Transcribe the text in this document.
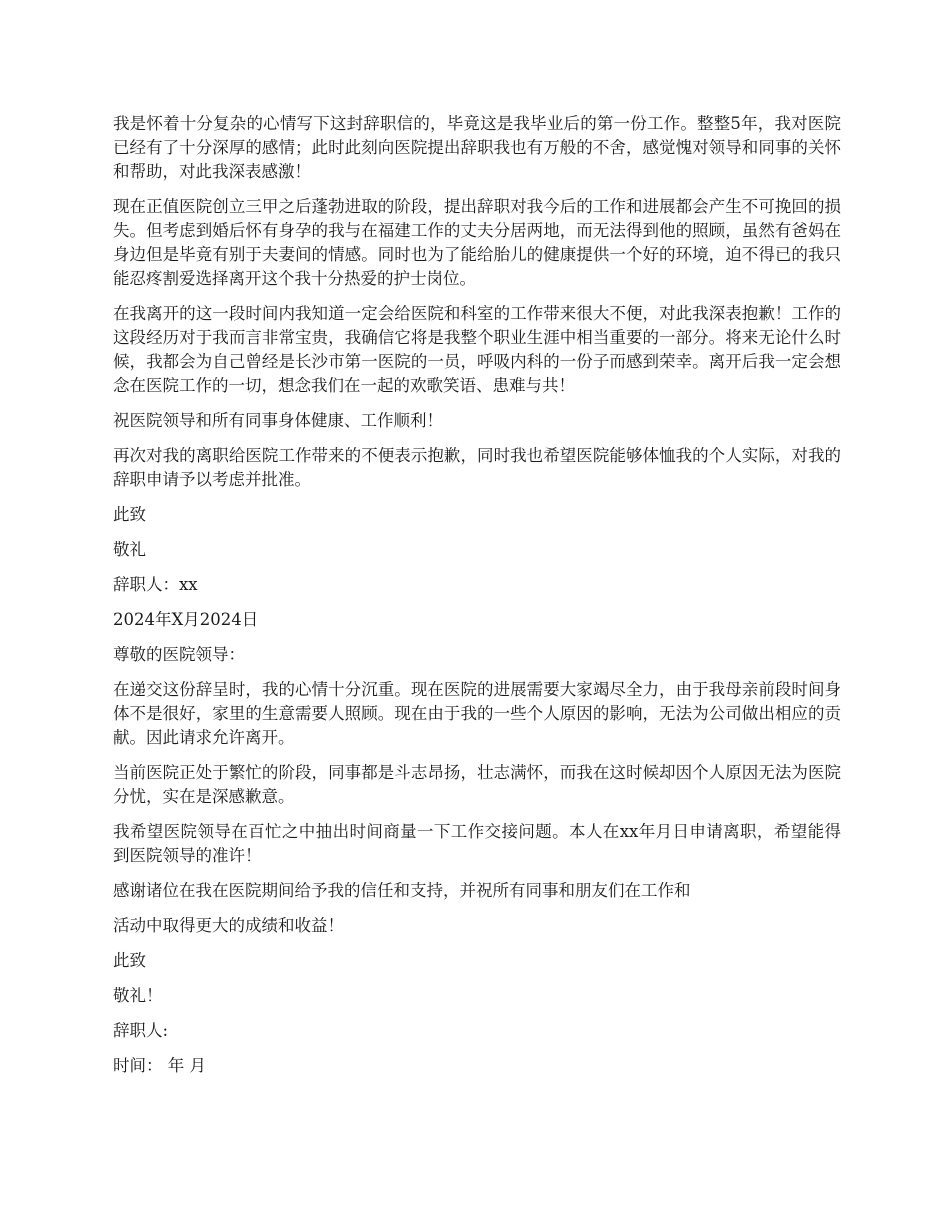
我是怀着十分复杂的心情写下这封辞职信的，毕竟这是我毕业后的第一份工作。整整5年，我对医院已经有了十分深厚的感情；此时此刻向医院提出辞职我也有万般的不舍，感觉愧对领导和同事的关怀和帮助，对此我深表感激！

现在正值医院创立三甲之后蓬勃进取的阶段，提出辞职对我今后的工作和进展都会产生不可挽回的损失。但考虑到婚后怀有身孕的我与在福建工作的丈夫分居两地，而无法得到他的照顾，虽然有爸妈在身边但是毕竟有别于夫妻间的情感。同时也为了能给胎儿的健康提供一个好的环境，迫不得已的我只能忍疼割爱选择离开这个我十分热爱的护士岗位。

在我离开的这一段时间内我知道一定会给医院和科室的工作带来很大不便，对此我深表抱歉！工作的这段经历对于我而言非常宝贵，我确信它将是我整个职业生涯中相当重要的一部分。将来无论什么时候，我都会为自己曾经是长沙市第一医院的一员，呼吸内科的一份子而感到荣幸。离开后我一定会想念在医院工作的一切，想念我们在一起的欢歌笑语、患难与共！

祝医院领导和所有同事身体健康、工作顺利！

再次对我的离职给医院工作带来的不便表示抱歉，同时我也希望医院能够体恤我的个人实际，对我的辞职申请予以考虑并批准。

此致

敬礼

辞职人：xx

2024年X月2024日

尊敬的医院领导：

在递交这份辞呈时，我的心情十分沉重。现在医院的进展需要大家竭尽全力，由于我母亲前段时间身体不是很好，家里的生意需要人照顾。现在由于我的一些个人原因的影响，无法为公司做出相应的贡献。因此请求允许离开。

当前医院正处于繁忙的阶段，同事都是斗志昂扬，壮志满怀，而我在这时候却因个人原因无法为医院分忧，实在是深感歉意。

我希望医院领导在百忙之中抽出时间商量一下工作交接问题。本人在xx年月日申请离职，希望能得到医院领导的准许！

感谢诸位在我在医院期间给予我的信任和支持，并祝所有同事和朋友们在工作和

活动中取得更大的成绩和收益！

此致

敬礼！

辞职人:

时间： 年 月
